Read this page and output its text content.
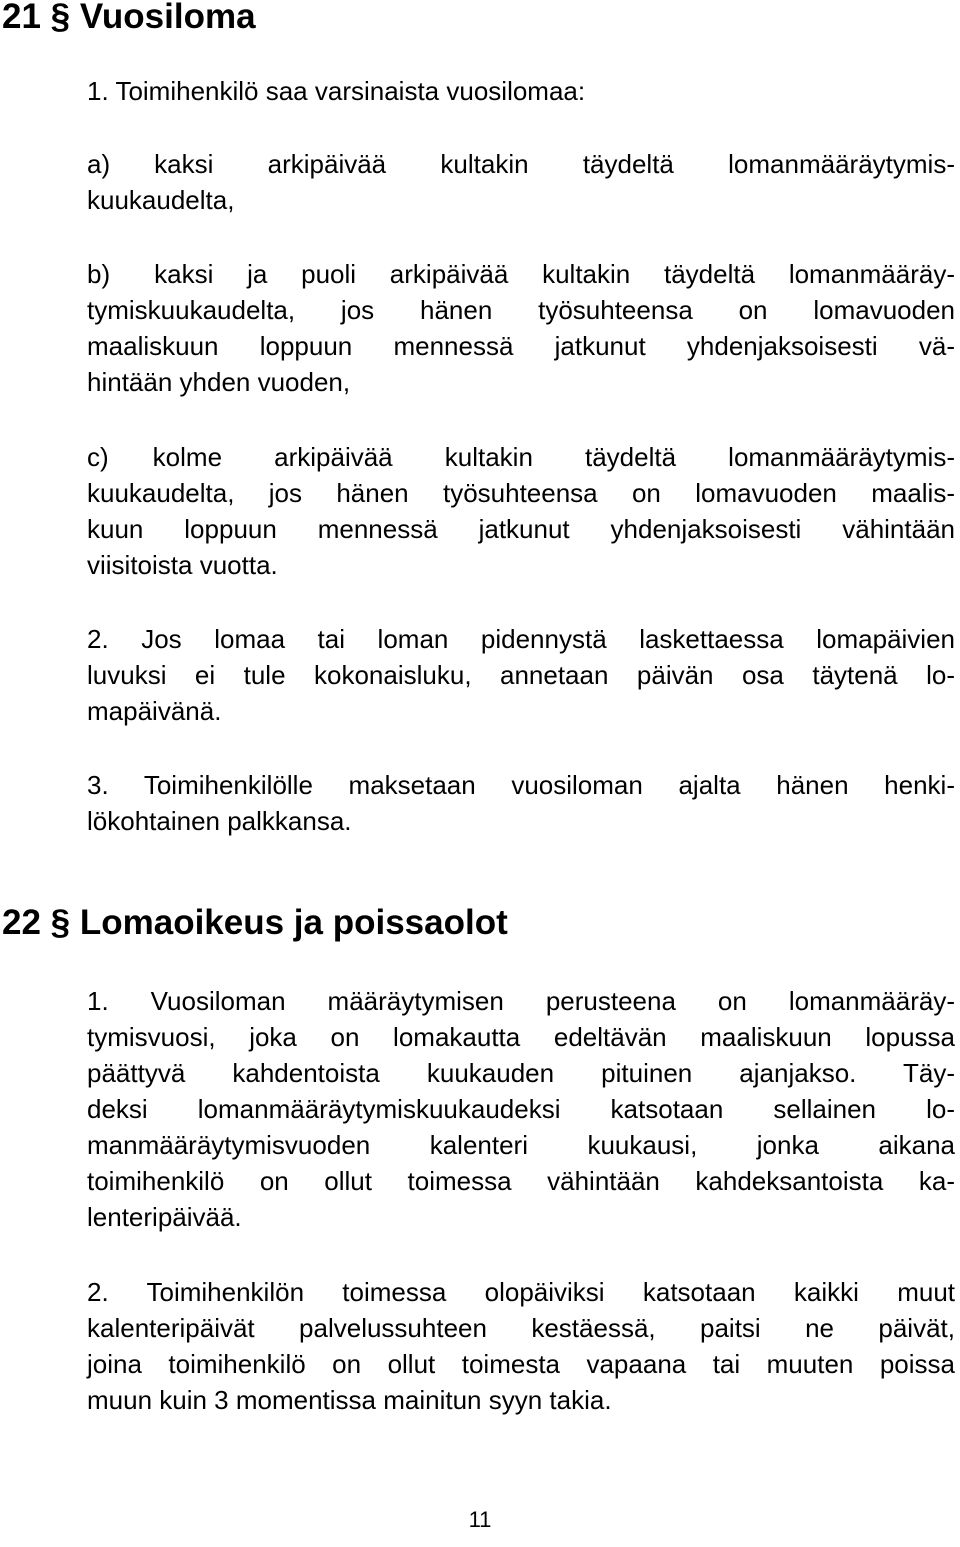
21 § Vuosiloma

1. Toimihenkilö saa varsinaista vuosilomaa:

a) kaksi arkipäivää kultakin täydeltä lomanmääräytymis-
kuukaudelta,

b) kaksi ja puoli arkipäivää kultakin täydeltä lomanmääräy-
tymiskuukaudelta, jos hänen työsuhteensa on lomavuoden
maaliskuun loppuun mennessä jatkunut yhdenjaksoisesti vä-
hintään yhden vuoden,

c) kolme arkipäivää kultakin täydeltä lomanmääräytymis-
kuukaudelta, jos hänen työsuhteensa on lomavuoden maalis-
kuun loppuun mennessä jatkunut yhdenjaksoisesti vähintään
viisitoista vuotta.

2. Jos lomaa tai loman pidennystä laskettaessa lomapäivien
luvuksi ei tule kokonaisluku, annetaan päivän osa täytenä lo-
mapäivänä.

3. Toimihenkilölle maksetaan vuosiloman ajalta hänen henki-
lökohtainen palkkansa.

22 § Lomaoikeus ja poissaolot

1. Vuosiloman määräytymisen perusteena on lomanmääräy-
tymisvuosi, joka on lomakautta edeltävän maaliskuun lopussa
päättyvä kahdentoista kuukauden pituinen ajanjakso. Täy-
deksi lomanmääräytymiskuukaudeksi katsotaan sellainen lo-
manmääräytymisvuoden kalenteri kuukausi, jonka aikana
toimihenkilö on ollut toimessa vähintään kahdeksantoista ka-
lenteripäivää.

2. Toimihenkilön toimessa olopäiviksi katsotaan kaikki muut
kalenteripäivät palvelussuhteen kestäessä, paitsi ne päivät,
joina toimihenkilö on ollut toimesta vapaana tai muuten poissa
muun kuin 3 momentissa mainitun syyn takia.

11
